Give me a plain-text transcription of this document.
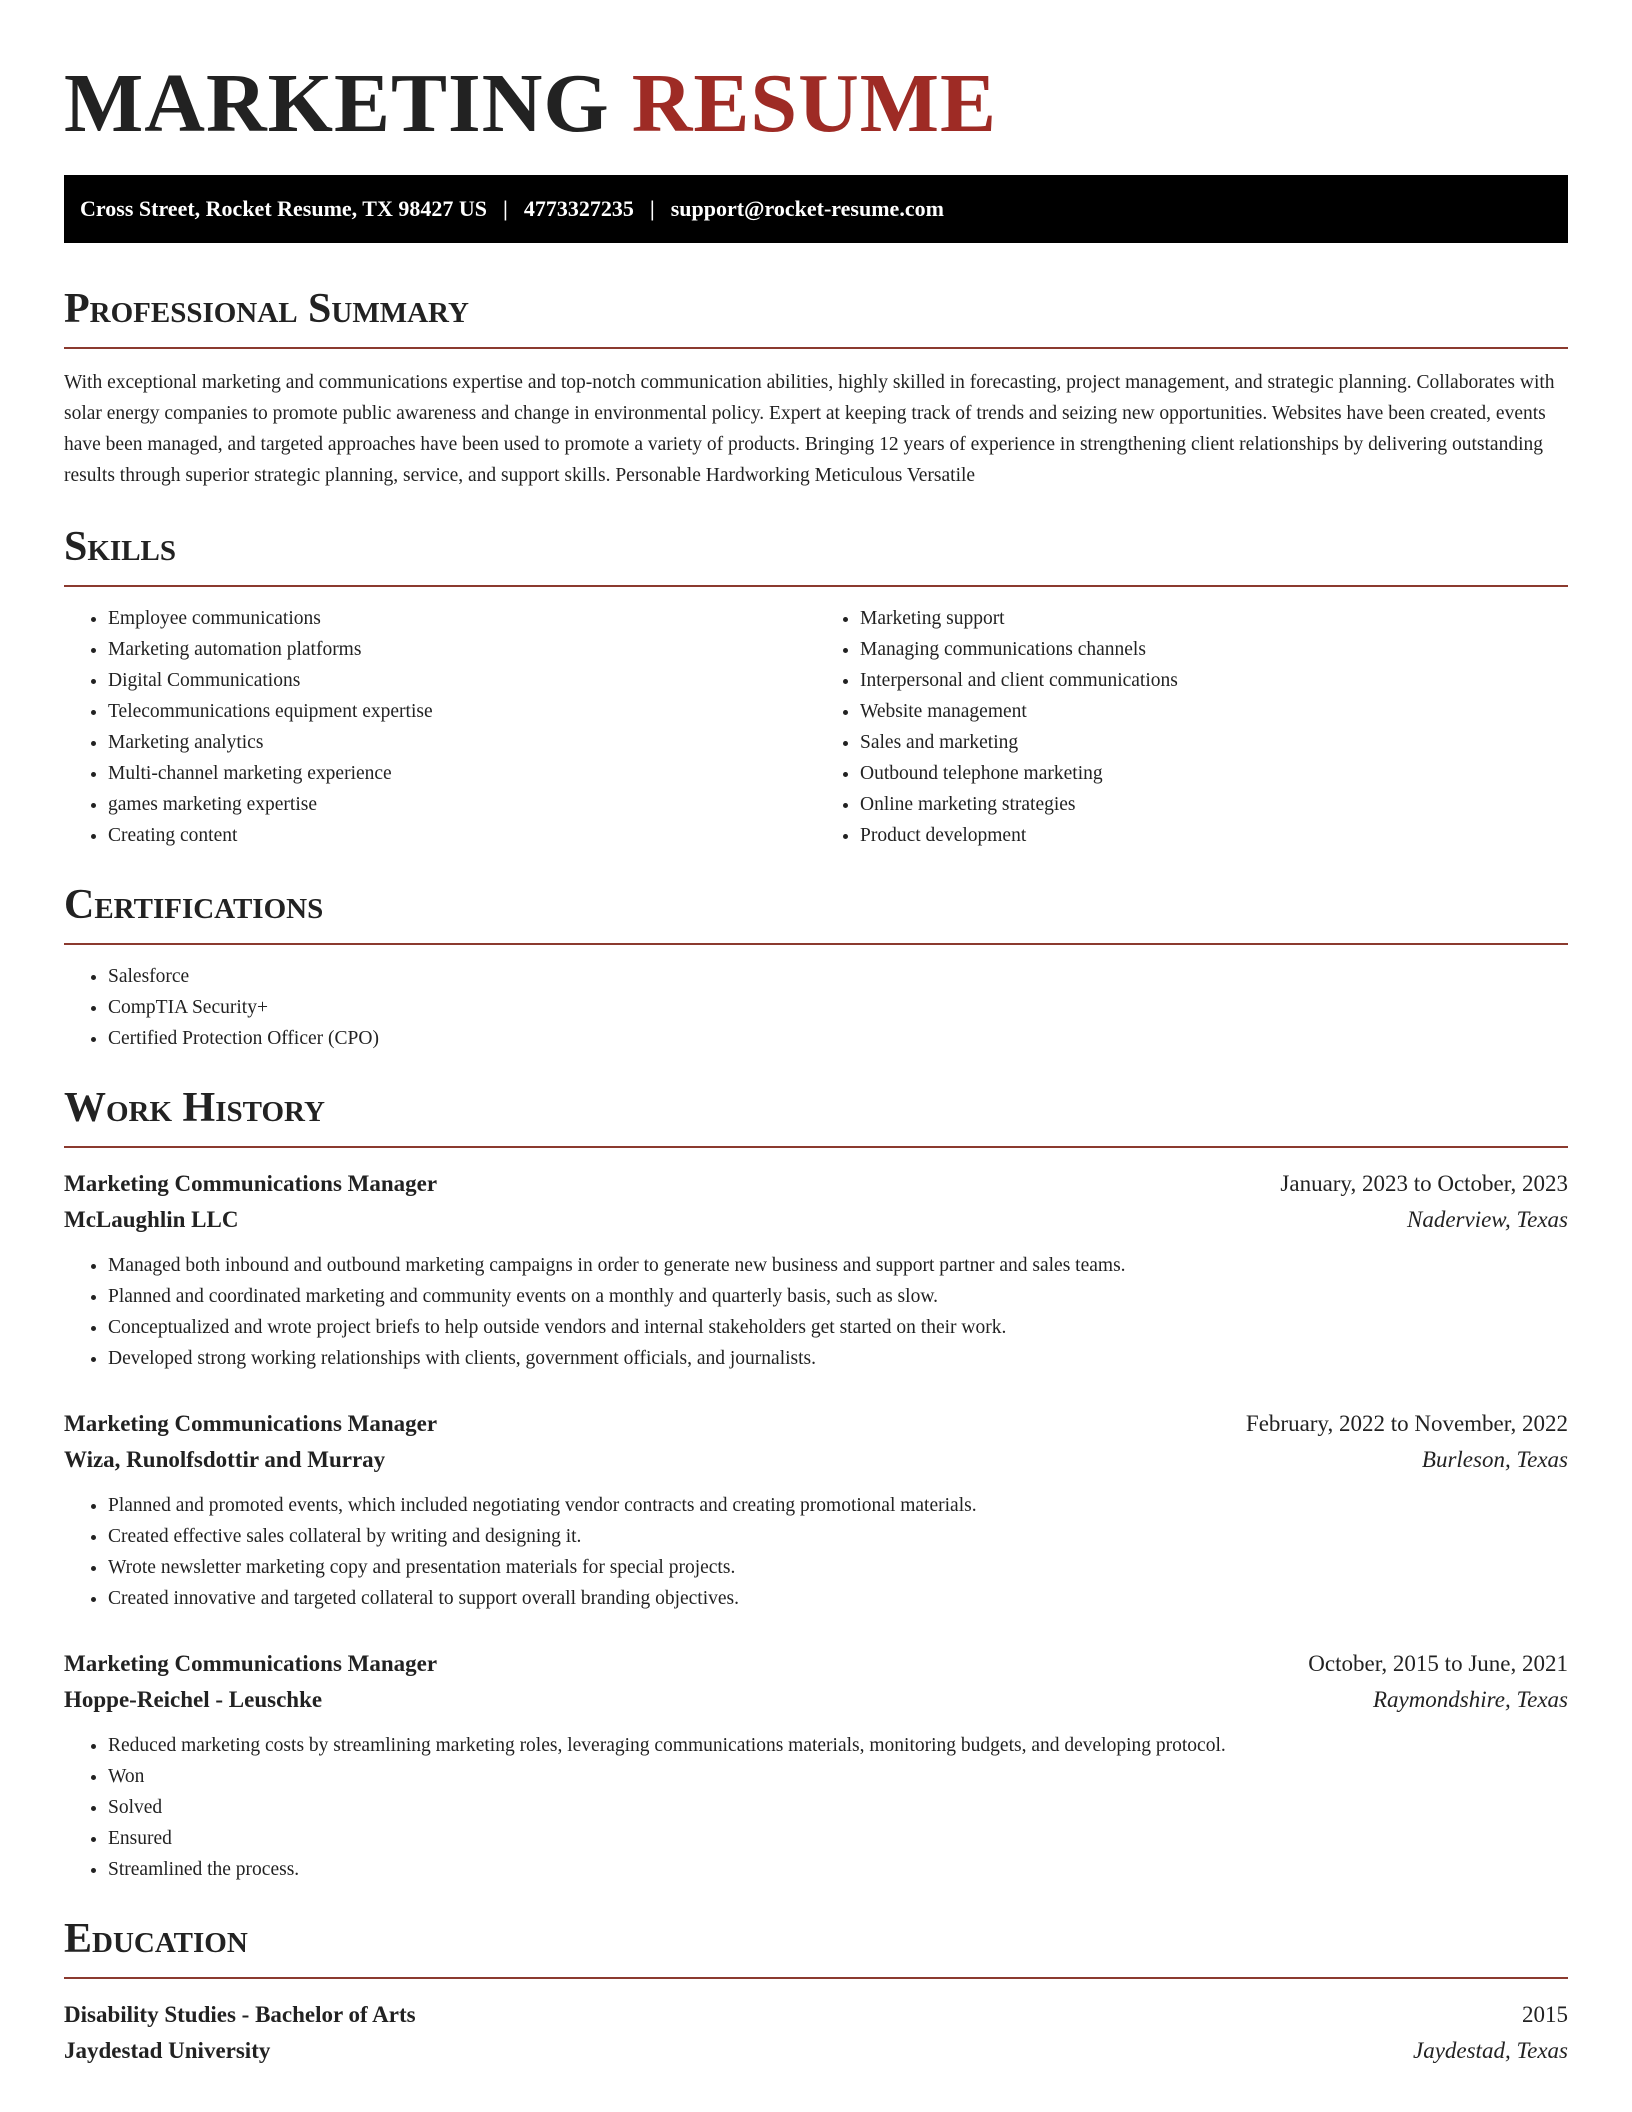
MARKETING RESUME
Cross Street, Rocket Resume, TX 98427 US | 4773327235 | support@rocket-resume.com
Professional Summary

With exceptional marketing and communications expertise and top-notch communication abilities, highly skilled in forecasting, project management, and strategic planning. Collaborates with solar energy companies to promote public awareness and change in environmental policy. Expert at keeping track of trends and seizing new opportunities. Websites have been created, events have been managed, and targeted approaches have been used to promote a variety of products. Bringing 12 years of experience in strengthening client relationships by delivering outstanding results through superior strategic planning, service, and support skills. Personable Hardworking Meticulous Versatile

Skills
• Employee communications
• Marketing automation platforms
• Digital Communications
• Telecommunications equipment expertise
• Marketing analytics
• Multi-channel marketing experience
• games marketing expertise
• Creating content
• Marketing support
• Managing communications channels
• Interpersonal and client communications
• Website management
• Sales and marketing
• Outbound telephone marketing
• Online marketing strategies
• Product development
Certifications
• Salesforce
• CompTIA Security+
• Certified Protection Officer (CPO)
Work History
Marketing Communications Manager	January, 2023 to October, 2023
McLaughlin LLC	Naderview, Texas
• Managed both inbound and outbound marketing campaigns in order to generate new business and support partner and sales teams.
• Planned and coordinated marketing and community events on a monthly and quarterly basis, such as slow.
• Conceptualized and wrote project briefs to help outside vendors and internal stakeholders get started on their work.
• Developed strong working relationships with clients, government officials, and journalists.
Marketing Communications Manager	February, 2022 to November, 2022
Wiza, Runolfsdottir and Murray	Burleson, Texas
• Planned and promoted events, which included negotiating vendor contracts and creating promotional materials.
• Created effective sales collateral by writing and designing it.
• Wrote newsletter marketing copy and presentation materials for special projects.
• Created innovative and targeted collateral to support overall branding objectives.
Marketing Communications Manager	October, 2015 to June, 2021
Hoppe-Reichel - Leuschke	Raymondshire, Texas
• Reduced marketing costs by streamlining marketing roles, leveraging communications materials, monitoring budgets, and developing protocol.
• Won
• Solved
• Ensured
• Streamlined the process.
Education
Disability Studies - Bachelor of Arts	2015
Jaydestad University	Jaydestad, Texas
